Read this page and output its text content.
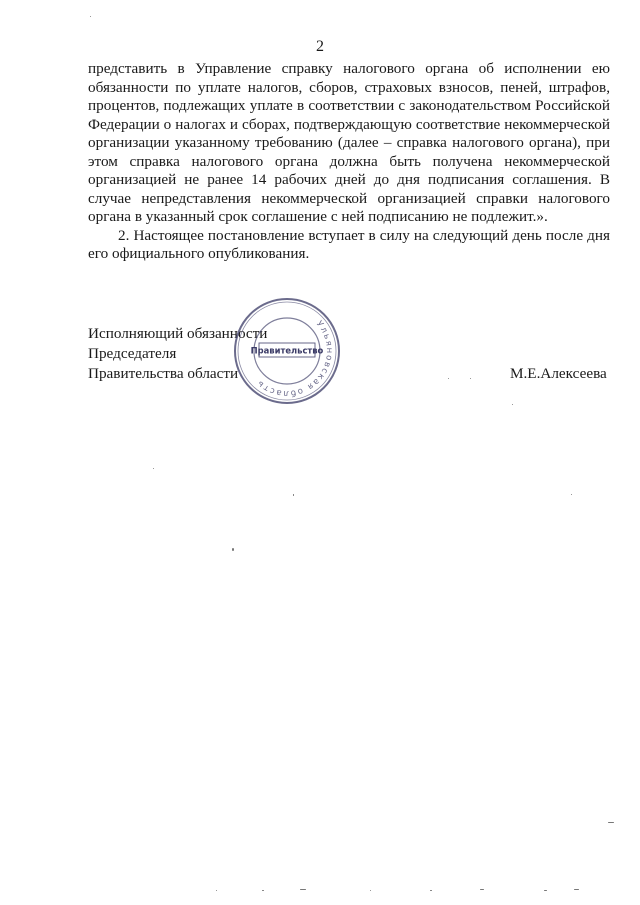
2

представить в Управление справку налогового органа об исполнении ею обязанности по уплате налогов, сборов, страховых взносов, пеней, штрафов, процентов, подлежащих уплате в соответствии с законодательством Российской Федерации о налогах и сборах, подтверждающую соответствие некоммерческой организации указанному требованию (далее – справка налогового органа), при этом справка налогового органа должна быть получена некоммерческой организацией не ранее 14 рабочих дней до дня подписания соглашения. В случае непредставления некоммерческой организацией справки налогового органа в указанный срок соглашение с ней подписанию не подлежит.».

2. Настоящее постановление вступает в силу на следующий день после дня его официального опубликования.

Исполняющий обязанности
Председателя
Правительства области	М.Е.Алексеева
Ульяновская область
Правительство
